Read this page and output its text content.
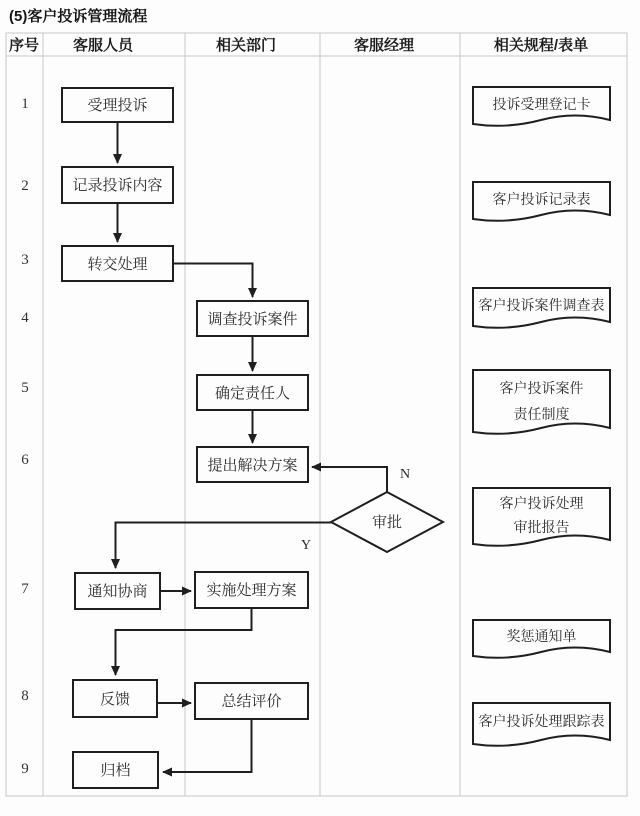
(5)客户投诉管理流程
序号 客服人员	相关部门	客服经理	相关规程/表单
1
2
3
4
5
6
7
8
9
N
Y
受理投诉
记录投诉内容
转交处理
通知协商
反馈
归档
调查投诉案件
确定责任人
提出解决方案
实施处理方案
总结评价
审批
投诉受理登记卡
客户投诉记录表
客户投诉案件调查表
客户投诉案件
责任制度
客户投诉处理
审批报告
奖惩通知单
客户投诉处理跟踪表
